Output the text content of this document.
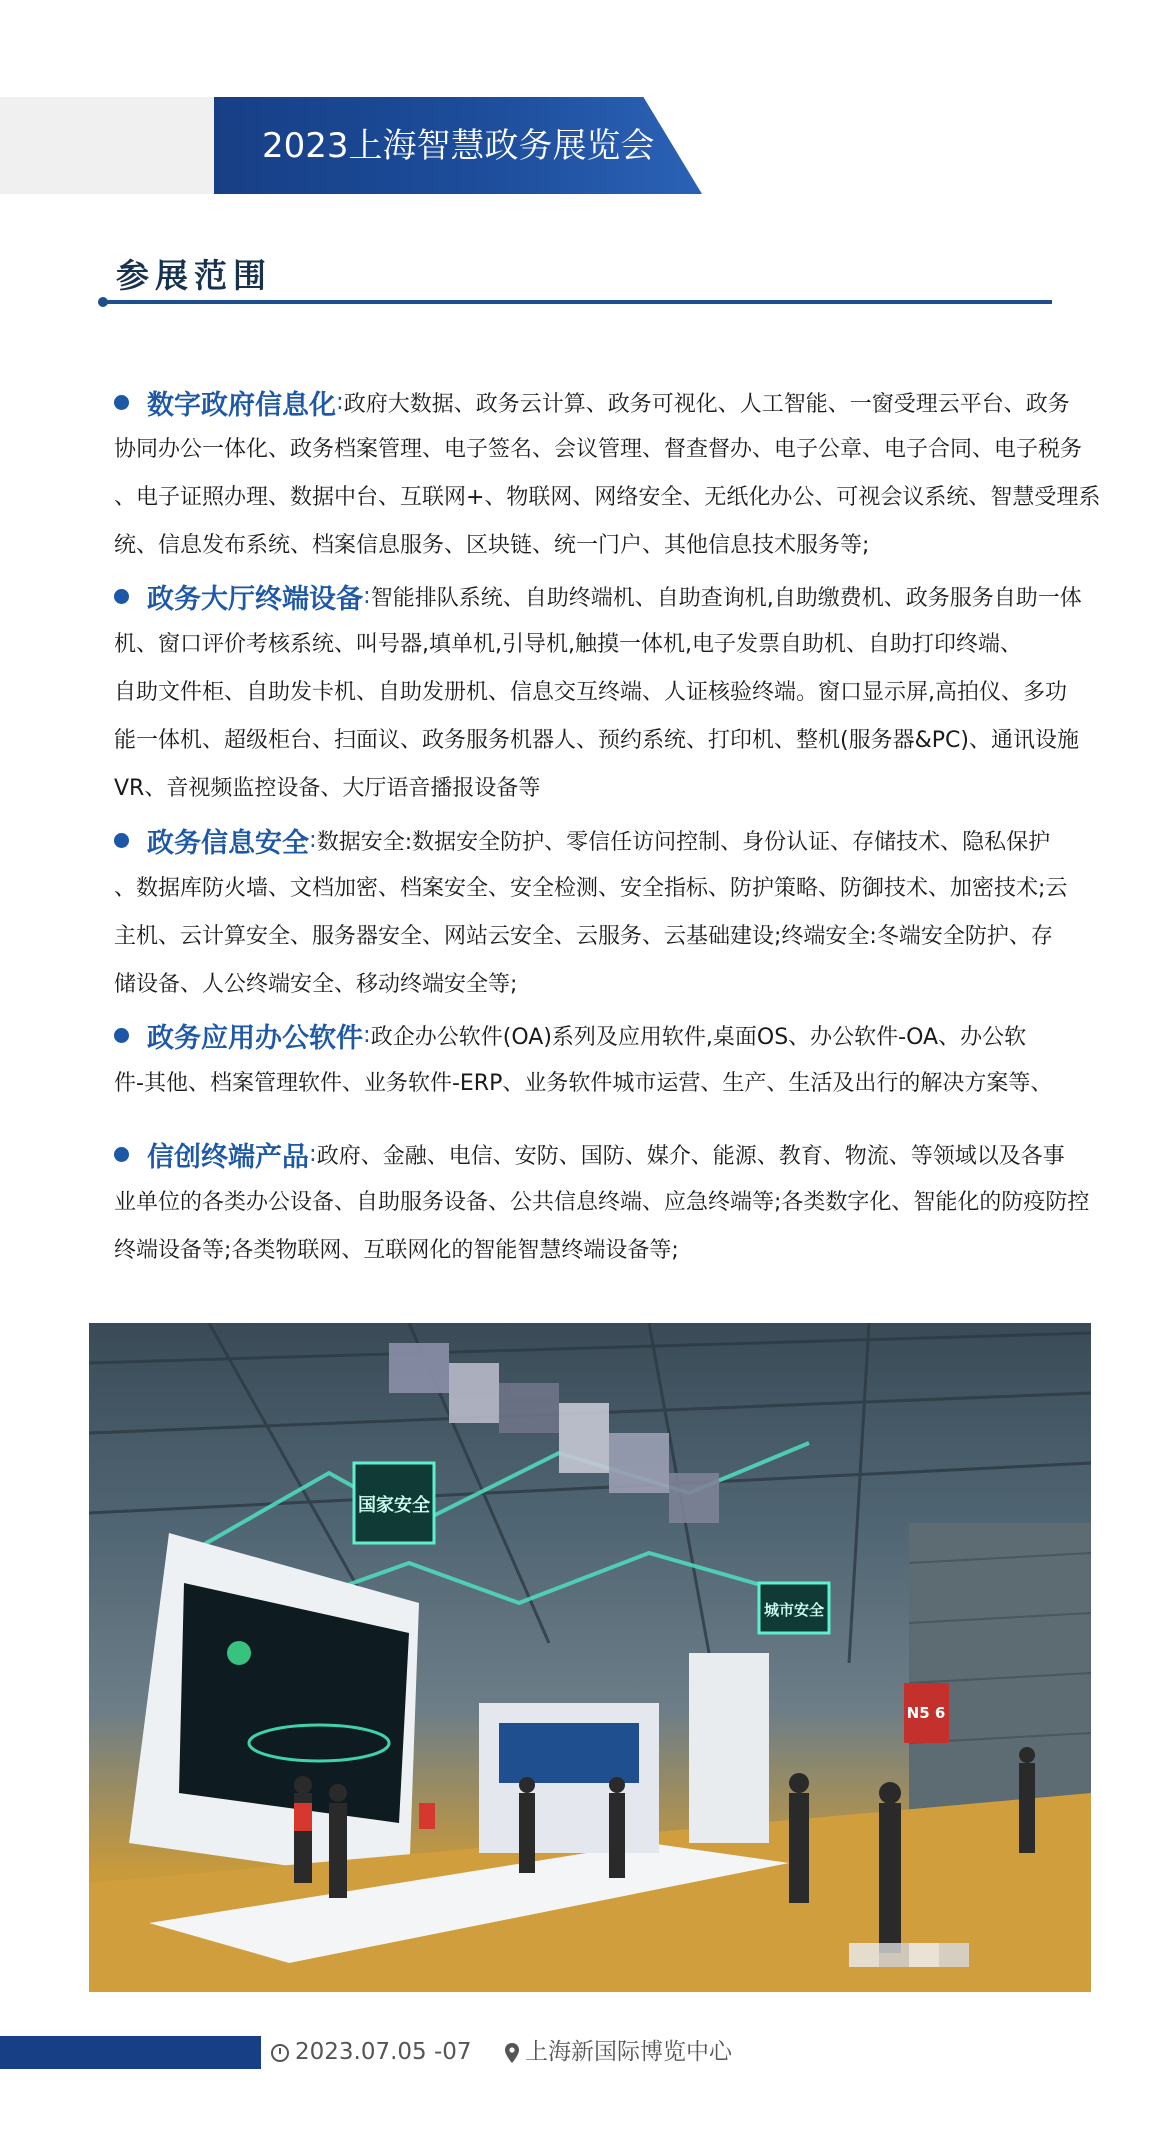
2023上海智慧政务展览会
参展范围
数字政府信息化 : 政府大数据、政务云计算、政务可视化、人工智能、一窗受理云平台、政务
协同办公一体化、政务档案管理、电子签名、会议管理、督查督办、电子公章、电子合同、电子税务
、电子证照办理、数据中台、互联网+、物联网、网络安全、无纸化办公、可视会议系统、智慧受理系
统、信息发布系统、档案信息服务、区块链、统一门户、其他信息技术服务等;
政务大厅终端设备 : 智能排队系统、自助终端机、自助查询机,自助缴费机、政务服务自助一体
机、窗口评价考核系统、叫号器,填单机,引导机,触摸一体机,电子发票自助机、自助打印终端、
自助文件柜、自助发卡机、自助发册机、信息交互终端、人证核验终端。窗口显示屏,高拍仪、多功
能一体机、超级柜台、扫面议、政务服务机器人、预约系统、打印机、整机(服务器&PC)、通讯设施
VR、音视频监控设备、大厅语音播报设备等
政务信息安全 : 数据安全:数据安全防护、零信任访问控制、身份认证、存储技术、隐私保护
、数据库防火墙、文档加密、档案安全、安全检测、安全指标、防护策略、防御技术、加密技术;云
主机、云计算安全、服务器安全、网站云安全、云服务、云基础建设;终端安全:冬端安全防护、存
储设备、人公终端安全、移动终端安全等;
政务应用办公软件 : 政企办公软件(OA)系列及应用软件,桌面OS、办公软件-OA、办公软
件-其他、档案管理软件、业务软件-ERP、业务软件城市运营、生产、生活及出行的解决方案等、
信创终端产品 : 政府、金融、电信、安防、国防、媒介、能源、教育、物流、等领域以及各事
业单位的各类办公设备、自助服务设备、公共信息终端、应急终端等;各类数字化、智能化的防疫防控
终端设备等;各类物联网、互联网化的智能智慧终端设备等;
国家安全
城市安全
N5 6
2023.07.05 -07 上海新国际博览中心
